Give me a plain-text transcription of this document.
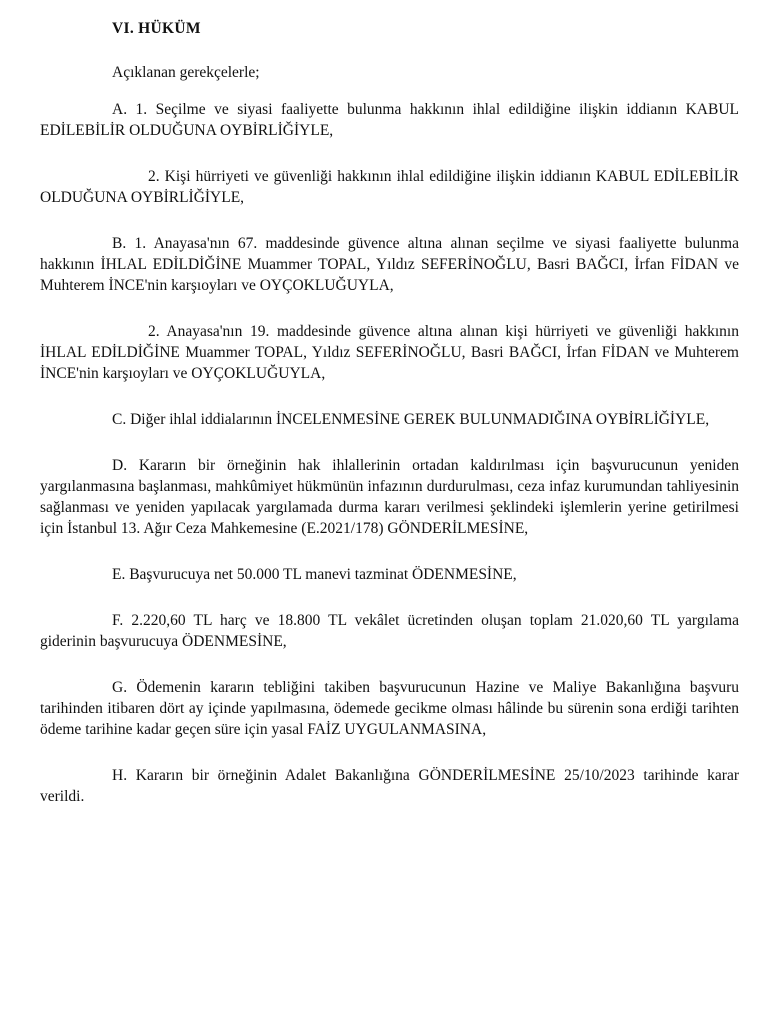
VI. HÜKÜM

Açıklanan gerekçelerle;

A. 1. Seçilme ve siyasi faaliyette bulunma hakkının ihlal edildiğine ilişkin iddianın KABUL EDİLEBİLİR OLDUĞUNA OYBİRLİĞİYLE,

2. Kişi hürriyeti ve güvenliği hakkının ihlal edildiğine ilişkin iddianın KABUL EDİLEBİLİR OLDUĞUNA OYBİRLİĞİYLE,

B. 1. Anayasa'nın 67. maddesinde güvence altına alınan seçilme ve siyasi faaliyette bulunma hakkının İHLAL EDİLDİĞİNE Muammer TOPAL, Yıldız SEFERİNOĞLU, Basri BAĞCI, İrfan FİDAN ve Muhterem İNCE'nin karşıoyları ve OYÇOKLUĞUYLA,

2. Anayasa'nın 19. maddesinde güvence altına alınan kişi hürriyeti ve güvenliği hakkının İHLAL EDİLDİĞİNE Muammer TOPAL, Yıldız SEFERİNOĞLU, Basri BAĞCI, İrfan FİDAN ve Muhterem İNCE'nin karşıoyları ve OYÇOKLUĞUYLA,

C. Diğer ihlal iddialarının İNCELENMESİNE GEREK BULUNMADIĞINA OYBİRLİĞİYLE,

D. Kararın bir örneğinin hak ihlallerinin ortadan kaldırılması için başvurucunun yeniden yargılanmasına başlanması, mahkûmiyet hükmünün infazının durdurulması, ceza infaz kurumundan tahliyesinin sağlanması ve yeniden yapılacak yargılamada durma kararı verilmesi şeklindeki işlemlerin yerine getirilmesi için İstanbul 13. Ağır Ceza Mahkemesine (E.2021/178) GÖNDERİLMESİNE,

E. Başvurucuya net 50.000 TL manevi tazminat ÖDENMESİNE,

F. 2.220,60 TL harç ve 18.800 TL vekâlet ücretinden oluşan toplam 21.020,60 TL yargılama giderinin başvurucuya ÖDENMESİNE,

G. Ödemenin kararın tebliğini takiben başvurucunun Hazine ve Maliye Bakanlığına başvuru tarihinden itibaren dört ay içinde yapılmasına, ödemede gecikme olması hâlinde bu sürenin sona erdiği tarihten ödeme tarihine kadar geçen süre için yasal FAİZ UYGULANMASINA,

H. Kararın bir örneğinin Adalet Bakanlığına GÖNDERİLMESİNE 25/10/2023 tarihinde karar verildi.
